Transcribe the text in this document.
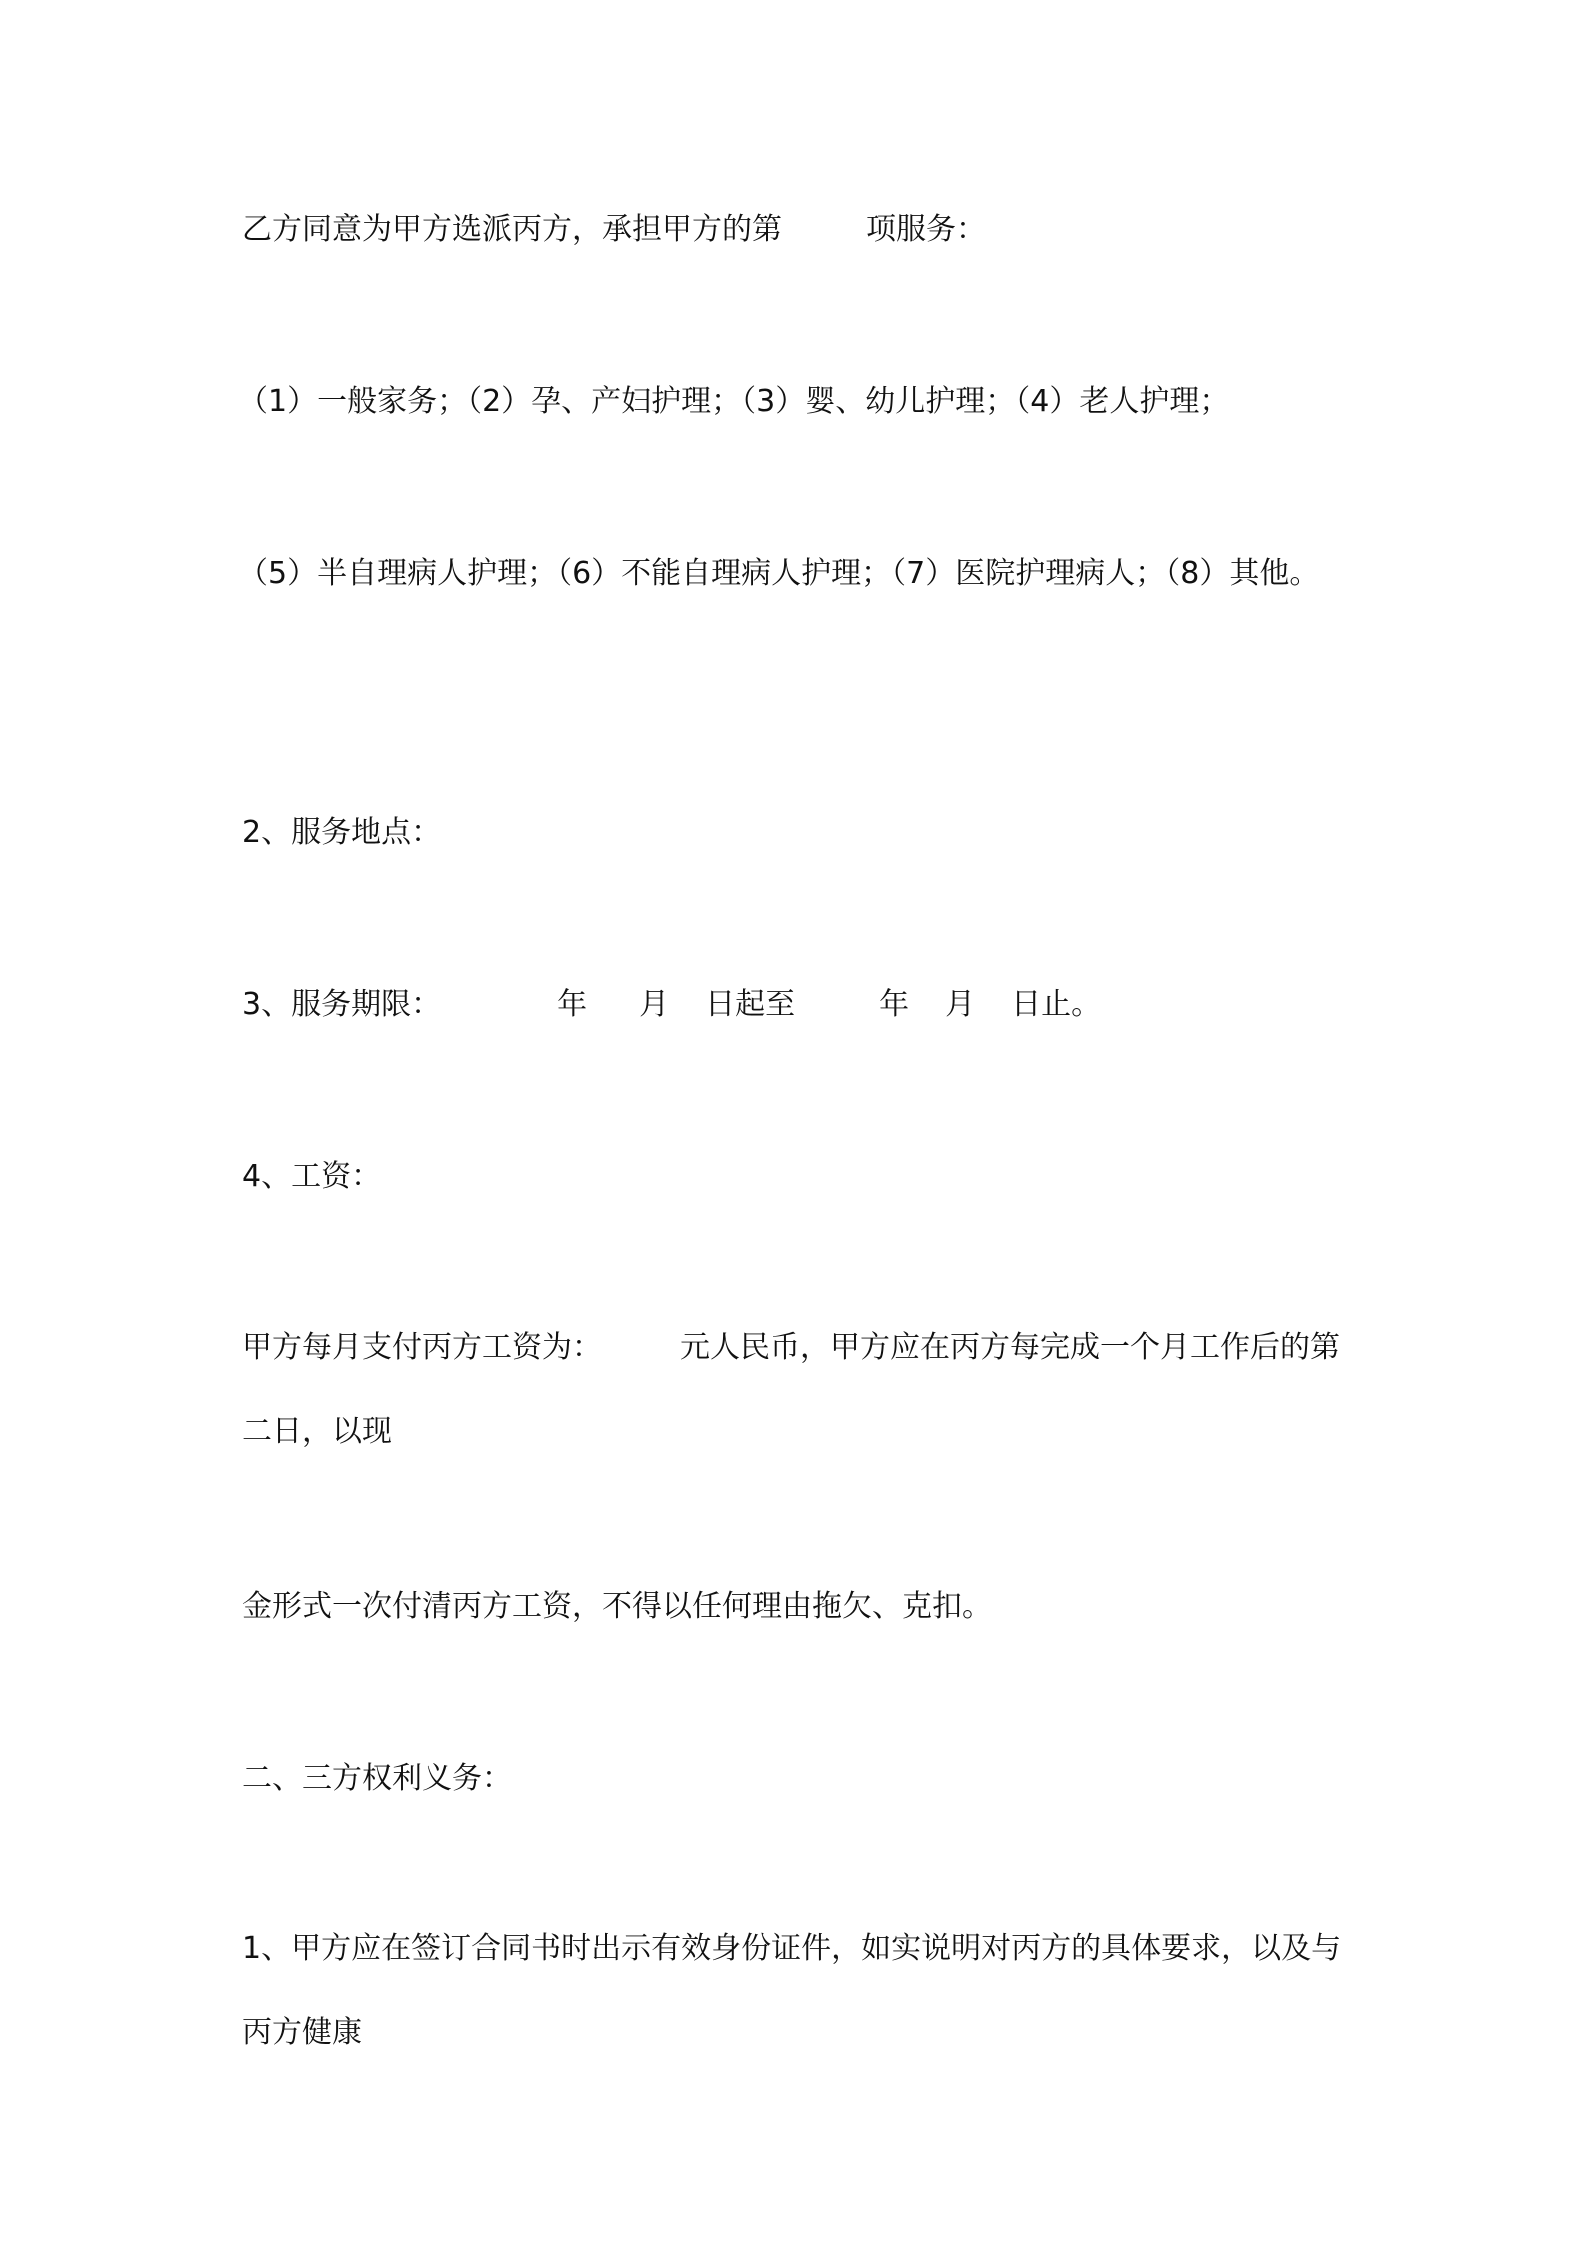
乙方同意为甲方选派丙方，承担甲方的第	项服务：

（1）一般家务；（2）孕、产妇护理；（3）婴、幼儿护理；（4）老人护理；

（5）半自理病人护理；（6）不能自理病人护理；（7）医院护理病人；（8）其他。

2、服务地点：

3、服务期限：	年 月 日起至	年 月 日止。

4、工资：

甲方每月支付丙方工资为：	元人民币，甲方应在丙方每完成一个月工作后的第二日，以现

金形式一次付清丙方工资，不得以任何理由拖欠、克扣。

二、三方权利义务：

1、甲方应在签订合同书时出示有效身份证件，如实说明对丙方的具体要求，以及与丙方健康
